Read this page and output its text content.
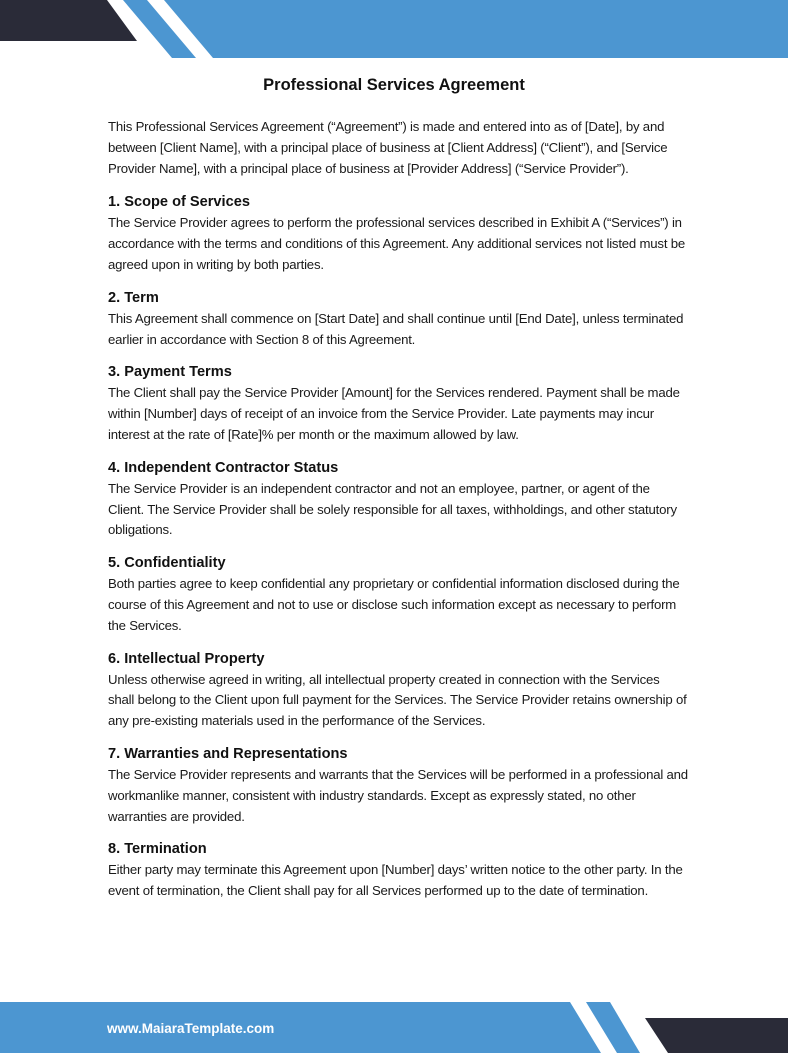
Professional Services Agreement

This Professional Services Agreement (“Agreement”) is made and entered into as of [Date], by and between [Client Name], with a principal place of business at [Client Address] (“Client”), and [Service Provider Name], with a principal place of business at [Provider Address] (“Service Provider”).

1. Scope of Services

The Service Provider agrees to perform the professional services described in Exhibit A (“Services”) in accordance with the terms and conditions of this Agreement. Any additional services not listed must be agreed upon in writing by both parties.

2. Term

This Agreement shall commence on [Start Date] and shall continue until [End Date], unless terminated earlier in accordance with Section 8 of this Agreement.

3. Payment Terms

The Client shall pay the Service Provider [Amount] for the Services rendered. Payment shall be made within [Number] days of receipt of an invoice from the Service Provider. Late payments may incur interest at the rate of [Rate]% per month or the maximum allowed by law.

4. Independent Contractor Status

The Service Provider is an independent contractor and not an employee, partner, or agent of the Client. The Service Provider shall be solely responsible for all taxes, withholdings, and other statutory obligations.

5. Confidentiality

Both parties agree to keep confidential any proprietary or confidential information disclosed during the course of this Agreement and not to use or disclose such information except as necessary to perform the Services.

6. Intellectual Property

Unless otherwise agreed in writing, all intellectual property created in connection with the Services shall belong to the Client upon full payment for the Services. The Service Provider retains ownership of any pre-existing materials used in the performance of the Services.

7. Warranties and Representations

The Service Provider represents and warrants that the Services will be performed in a professional and workmanlike manner, consistent with industry standards. Except as expressly stated, no other warranties are provided.

8. Termination

Either party may terminate this Agreement upon [Number] days’ written notice to the other party. In the event of termination, the Client shall pay for all Services performed up to the date of termination.

www.MaiaraTemplate.com
